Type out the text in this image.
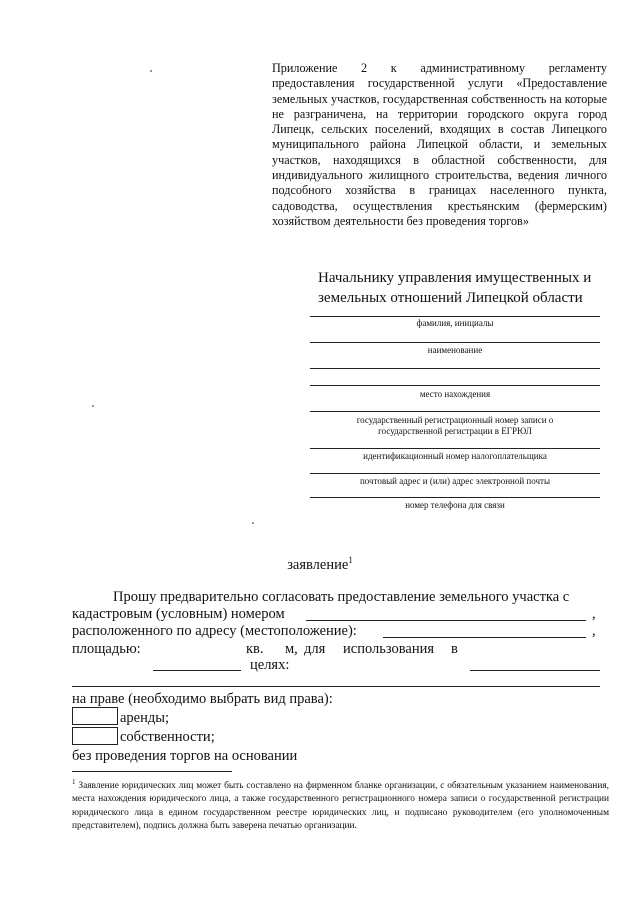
Приложение 2 к административному регламенту предоставления государственной услуги «Предоставление земельных участков, государственная собственность на которые не разграничена, на территории городского округа город Липецк, сельских поселений, входящих в состав Липецкого муниципального района Липецкой области, и земельных участков, находящихся в областной собственности, для индивидуального жилищного строительства, ведения личного подсобного хозяйства в границах населенного пункта, садоводства, осуществления крестьянским (фермерским) хозяйством деятельности без проведения торгов»
Начальнику управления имущественных и
земельных отношений Липецкой области
фамилия, инициалы
наименование
место нахождения
государственный регистрационный номер записи о
государственной регистрации в ЕГРЮЛ
идентификационный номер налогоплательщика
почтовый адрес и (или) адрес электронной почты
номер телефона для связи
заявление$^1$
Прошу предварительно согласовать предоставление земельного участка с
кадастровым (условным) номером	,
расположенного по адресу (местоположение):	,
площадью:	кв. м, для использования в
целях:
на праве (необходимо выбрать вид права):
аренды;
собственности;
без проведения торгов на основании
$^1$ Заявление юридических лиц может быть составлено на фирменном бланке организации, с обязательным указанием наименования, места нахождения юридического лица, а также государственного регистрационного номера записи о государственной регистрации юридического лица в едином государственном реестре юридических лиц, и подписано руководителем (его уполномоченным представителем), подпись должна быть заверена печатью организации.
